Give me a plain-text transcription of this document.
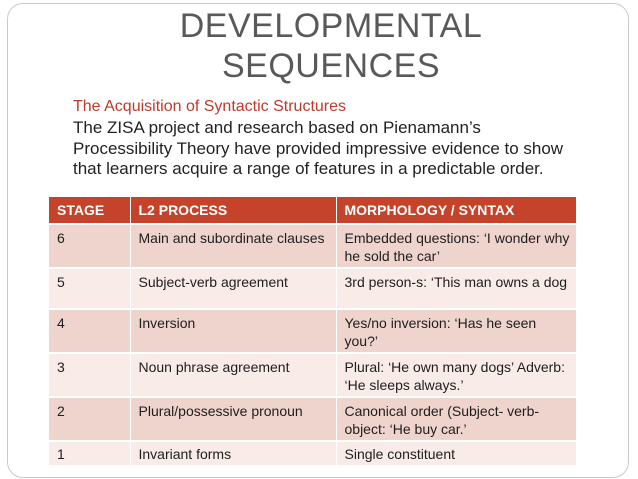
DEVELOPMENTAL
SEQUENCES
The Acquisition of Syntactic Structures
The ZISA project and research based on Pienamann’s Processibility Theory have provided impressive evidence to show that learners acquire a range of features in a predictable order.
STAGE	L2 PROCESS	MORPHOLOGY / SYNTAX
6	Main and subordinate clauses	Embedded questions: ‘I wonder why he sold the car’
5	Subject-verb agreement	3rd person-s: ‘This man owns a dog
4	Inversion	Yes/no inversion: ‘Has he seen you?’
3	Noun phrase agreement	Plural: ‘He own many dogs’ Adverb: ‘He sleeps always.’
2	Plural/possessive pronoun	Canonical order (Subject- verb-object: ‘He buy car.’
1	Invariant forms	Single constituent
